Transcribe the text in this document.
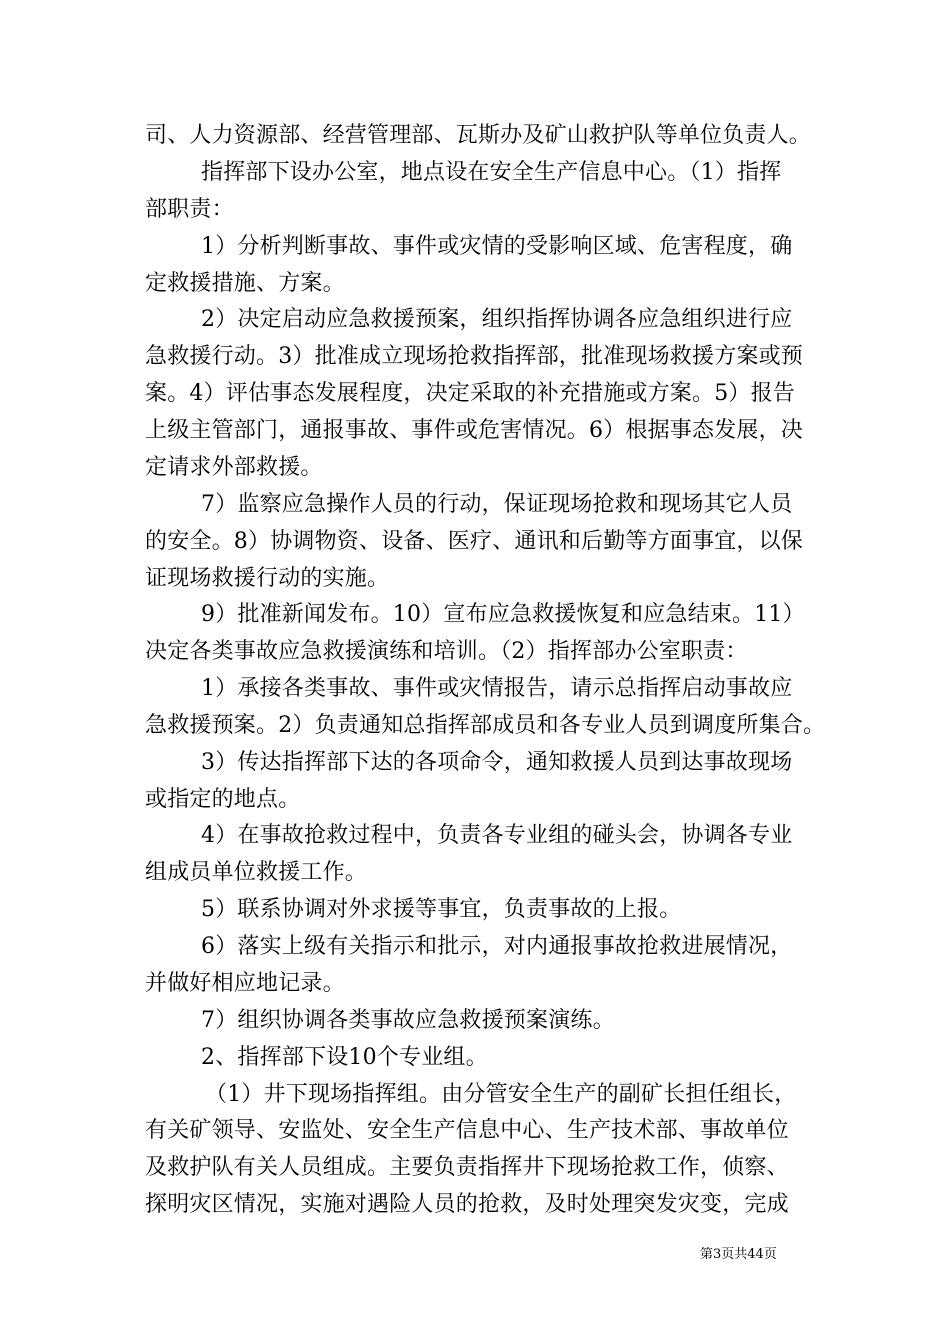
司、人力资源部、经营管理部、瓦斯办及矿山救护队等单位负责人。
指挥部下设办公室，地点设在安全生产信息中心。（1）指挥
部职责：
1）分析判断事故、事件或灾情的受影响区域、危害程度，确
定救援措施、方案。
2）决定启动应急救援预案，组织指挥协调各应急组织进行应
急救援行动。3）批准成立现场抢救指挥部，批准现场救援方案或预
案。4）评估事态发展程度，决定采取的补充措施或方案。5）报告
上级主管部门，通报事故、事件或危害情况。6）根据事态发展，决
定请求外部救援。
7）监察应急操作人员的行动，保证现场抢救和现场其它人员
的安全。8）协调物资、设备、医疗、通讯和后勤等方面事宜，以保
证现场救援行动的实施。
9）批准新闻发布。10）宣布应急救援恢复和应急结束。11）
决定各类事故应急救援演练和培训。（2）指挥部办公室职责：
1）承接各类事故、事件或灾情报告，请示总指挥启动事故应
急救援预案。2）负责通知总指挥部成员和各专业人员到调度所集合。
3）传达指挥部下达的各项命令，通知救援人员到达事故现场
或指定的地点。
4）在事故抢救过程中，负责各专业组的碰头会，协调各专业
组成员单位救援工作。
5）联系协调对外求援等事宜，负责事故的上报。
6）落实上级有关指示和批示，对内通报事故抢救进展情况，
并做好相应地记录。
7）组织协调各类事故应急救援预案演练。
2、指挥部下设10个专业组。
（1）井下现场指挥组。由分管安全生产的副矿长担任组长，
有关矿领导、安监处、安全生产信息中心、生产技术部、事故单位
及救护队有关人员组成。主要负责指挥井下现场抢救工作，侦察、
探明灾区情况，实施对遇险人员的抢救，及时处理突发灾变，完成
第3页共44页
